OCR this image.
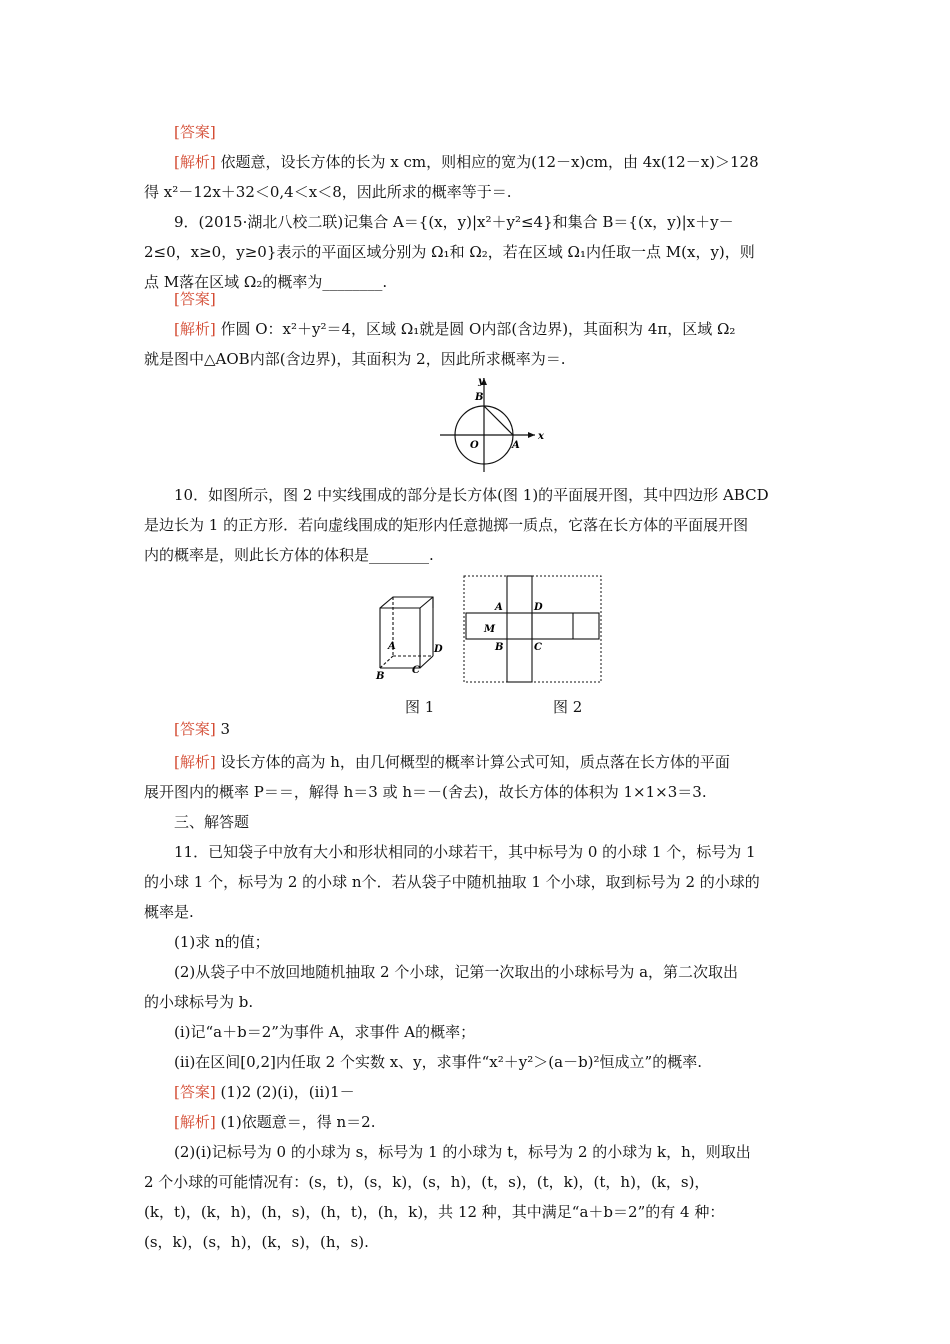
[答案]
[解析] 依题意，设长方体的长为 x cm，则相应的宽为(12－x)cm，由 4x(12－x)＞128
得 x²－12x＋32＜0,4＜x＜8，因此所求的概率等于＝.
9．(2015·湖北八校二联)记集合 A＝{(x，y)|x²＋y²≤4}和集合 B＝{(x，y)|x＋y－
2≤0，x≥0，y≥0}表示的平面区域分别为 Ω₁和 Ω₂，若在区域 Ω₁内任取一点 M(x，y)，则
点 M落在区域 Ω₂的概率为________.
[答案]
[解析] 作圆 O：x²＋y²＝4，区域 Ω₁就是圆 O内部(含边界)，其面积为 4π，区域 Ω₂
就是图中△AOB内部(含边界)，其面积为 2，因此所求概率为＝.
y
x
O	A
B
10．如图所示，图 2 中实线围成的部分是长方体(图 1)的平面展开图，其中四边形 ABCD
是边长为 1 的正方形．若向虚线围成的矩形内任意抛掷一质点，它落在长方体的平面展开图
内的概率是，则此长方体的体积是________.
A
B
C
D
A	D
M
B	C
图 1	图 2
[答案] 3
[解析] 设长方体的高为 h，由几何概型的概率计算公式可知，质点落在长方体的平面
展开图内的概率 P＝＝，解得 h＝3 或 h＝－(舍去)，故长方体的体积为 1×1×3＝3.
三、解答题
11．已知袋子中放有大小和形状相同的小球若干，其中标号为 0 的小球 1 个，标号为 1
的小球 1 个，标号为 2 的小球 n个．若从袋子中随机抽取 1 个小球，取到标号为 2 的小球的
概率是.
(1)求 n的值；
(2)从袋子中不放回地随机抽取 2 个小球，记第一次取出的小球标号为 a，第二次取出
的小球标号为 b.
(ⅰ)记“a＋b＝2”为事件 A，求事件 A的概率；
(ⅱ)在区间[0,2]内任取 2 个实数 x、y，求事件“x²＋y²＞(a－b)²恒成立”的概率.
[答案] (1)2 (2)(ⅰ)，(ⅱ)1－
[解析] (1)依题意＝，得 n＝2.
(2)(ⅰ)记标号为 0 的小球为 s，标号为 1 的小球为 t，标号为 2 的小球为 k，h，则取出
2 个小球的可能情况有：(s，t)，(s，k)，(s，h)，(t，s)，(t，k)，(t，h)，(k，s)，
(k，t)，(k，h)，(h，s)，(h，t)，(h，k)，共 12 种，其中满足“a＋b＝2”的有 4 种：
(s，k)，(s，h)，(k，s)，(h，s).
